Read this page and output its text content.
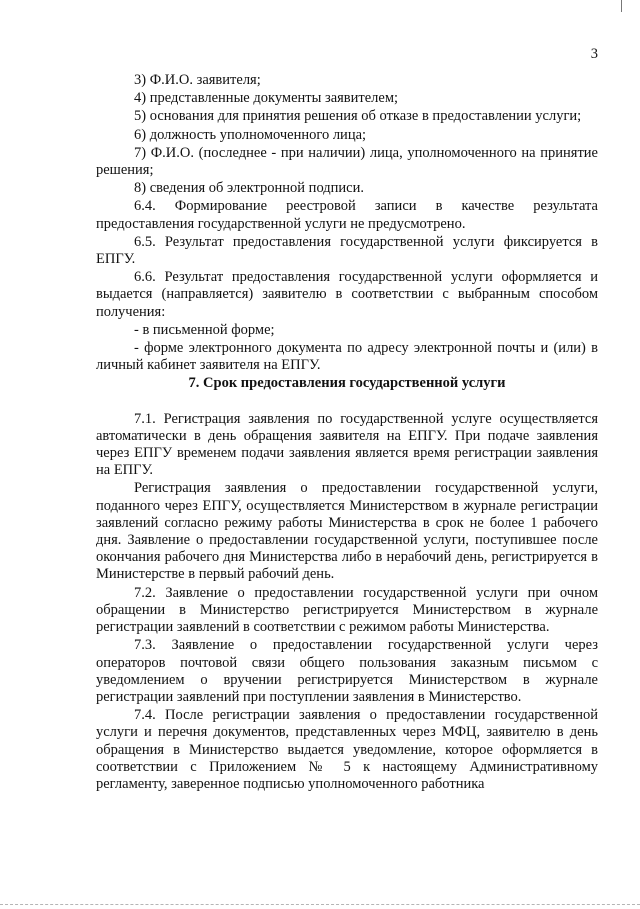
3

3) Ф.И.О. заявителя;

4) представленные документы заявителем;

5) основания для принятия решения об отказе в предоставлении услуги;

6) должность уполномоченного лица;

7) Ф.И.О. (последнее - при наличии) лица, уполномоченного на принятие решения;

8) сведения об электронной подписи.

6.4. Формирование реестровой записи в качестве результата предоставления государственной услуги не предусмотрено.

6.5. Результат предоставления государственной услуги фиксируется в ЕПГУ.

6.6. Результат предоставления государственной услуги оформляется и выдается (направляется) заявителю в соответствии с выбранным способом получения:

- в письменной форме;

- форме электронного документа по адресу электронной почты и (или) в личный кабинет заявителя на ЕПГУ.

7. Срок предоставления государственной услуги

7.1. Регистрация заявления по государственной услуге осуществляется автоматически в день обращения заявителя на ЕПГУ. При подаче заявления через ЕПГУ временем подачи заявления является время регистрации заявления на ЕПГУ.

Регистрация заявления о предоставлении государственной услуги, поданного через ЕПГУ, осуществляется Министерством в журнале регистрации заявлений согласно режиму работы Министерства в срок не более 1 рабочего дня. Заявление о предоставлении государственной услуги, поступившее после окончания рабочего дня Министерства либо в нерабочий день, регистрируется в Министерстве в первый рабочий день.

7.2. Заявление о предоставлении государственной услуги при очном обращении в Министерство регистрируется Министерством в журнале регистрации заявлений в соответствии с режимом работы Министерства.

7.3. Заявление о предоставлении государственной услуги через операторов почтовой связи общего пользования заказным письмом с уведомлением о вручении регистрируется Министерством в журнале регистрации заявлений при поступлении заявления в Министерство.

7.4. После регистрации заявления о предоставлении государственной услуги и перечня документов, представленных через МФЦ, заявителю в день обращения в Министерство выдается уведомление, которое оформляется в соответствии с Приложением № 5 к настоящему Административному регламенту, заверенное подписью уполномоченного работника
